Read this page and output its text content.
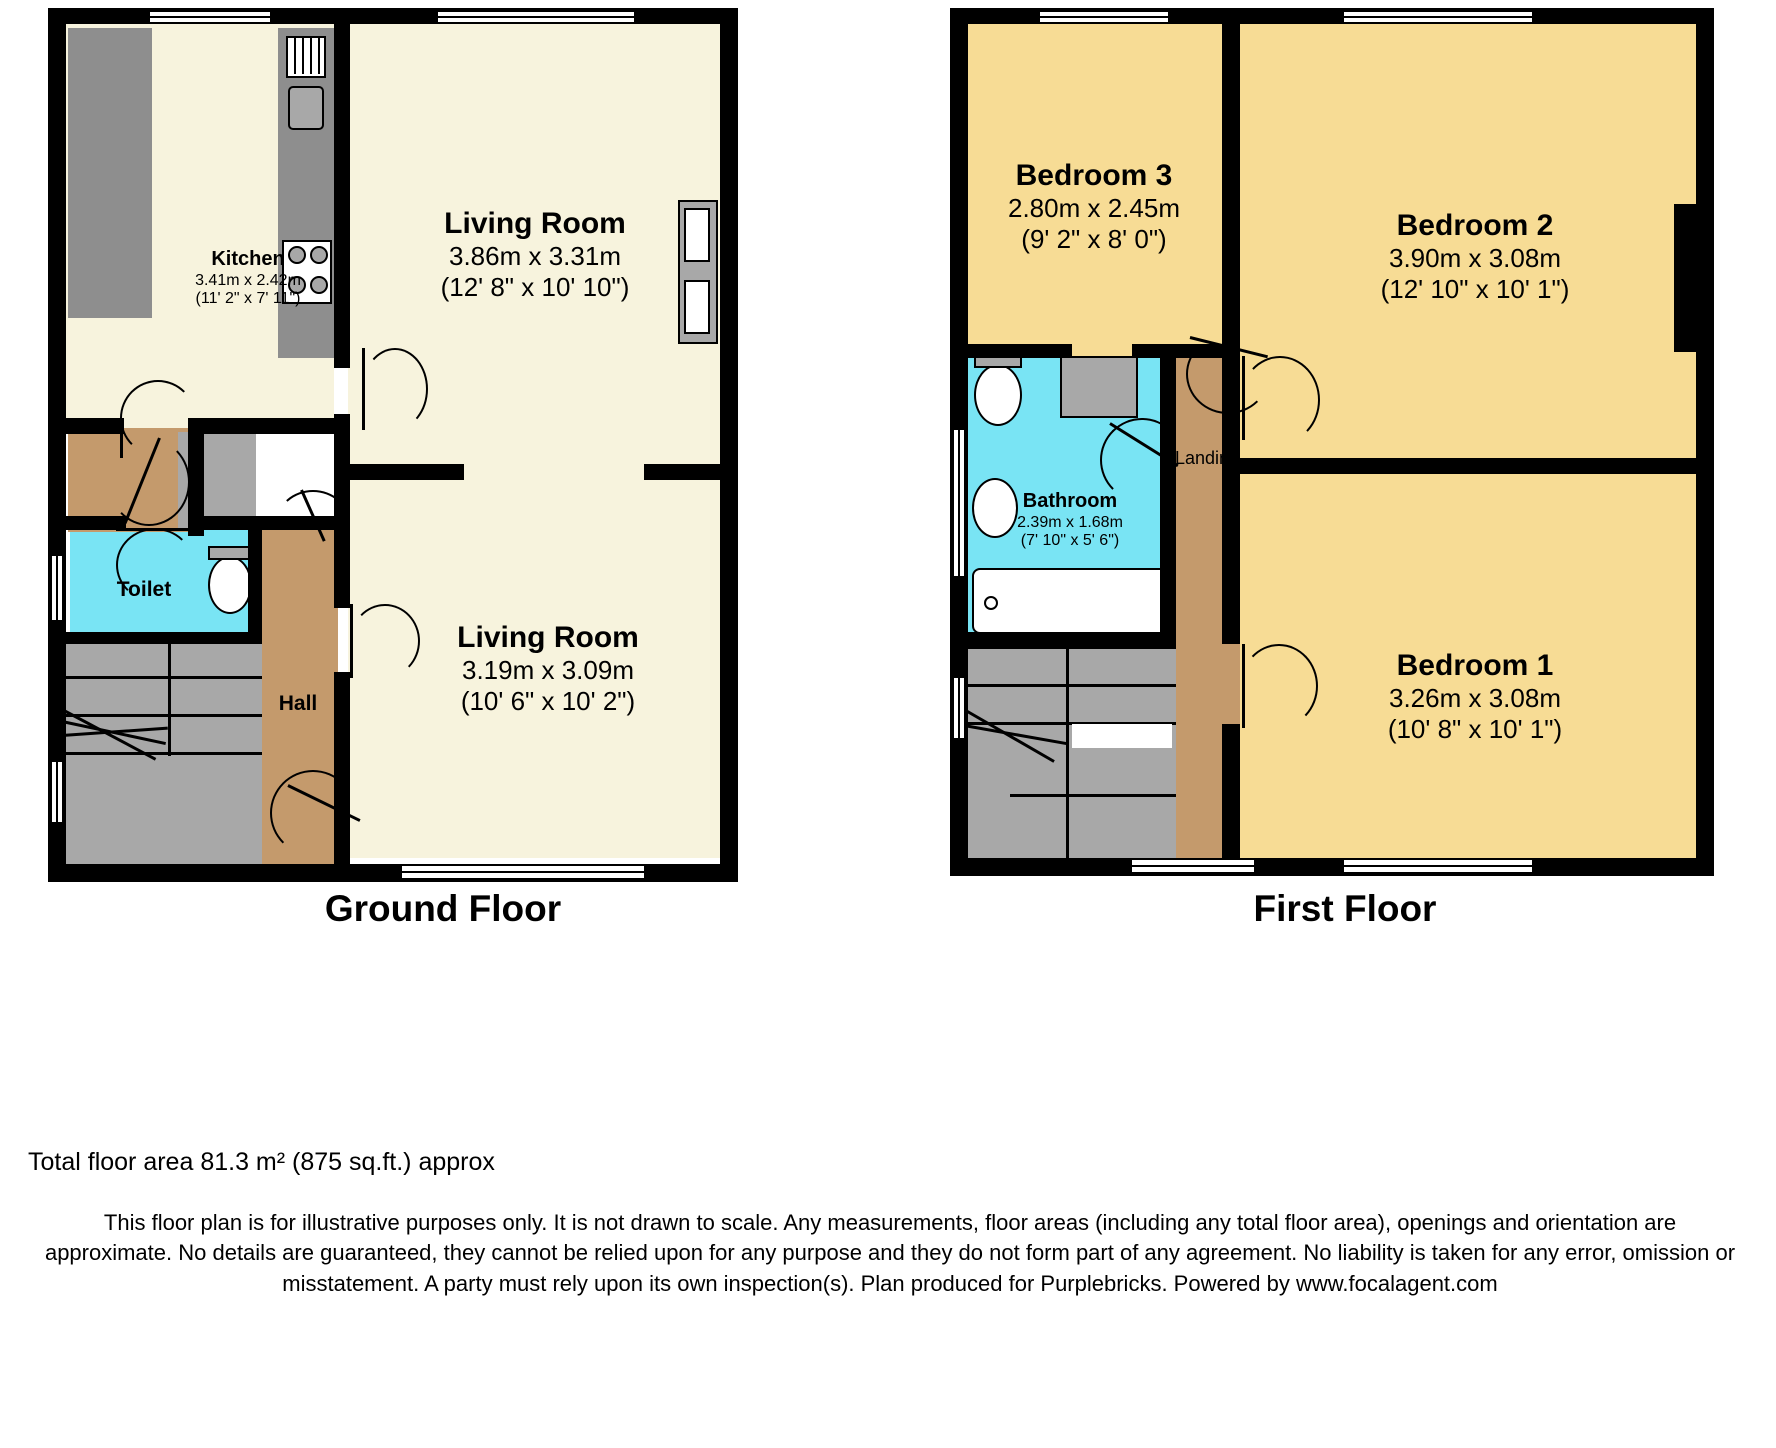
Kitchen
3.41m x 2.42m
(11' 2" x 7' 11")
Living Room
3.86m x 3.31m
(12' 8" x 10' 10")
Living Room
3.19m x 3.09m
(10' 6" x 10' 2")
Toilet
Hall
Ground Floor
Bedroom 3
2.80m x 2.45m
(9' 2" x 8' 0")	Bedroom 2
3.90m x 3.08m
(12' 10" x 10' 1")
Bedroom 1
3.26m x 3.08m
(10' 8" x 10' 1")
Bathroom
2.39m x 1.68m
(7' 10" x 5' 6")
Landing
First Floor
Total floor area 81.3 m² (875 sq.ft.) approx
This floor plan is for illustrative purposes only. It is not drawn to scale. Any measurements, floor areas (including any total floor area), openings and orientation are approximate. No details are guaranteed, they cannot be relied upon for any purpose and they do not form part of any agreement. No liability is taken for any error, omission or misstatement. A party must rely upon its own inspection(s). Plan produced for Purplebricks. Powered by www.focalagent.com
